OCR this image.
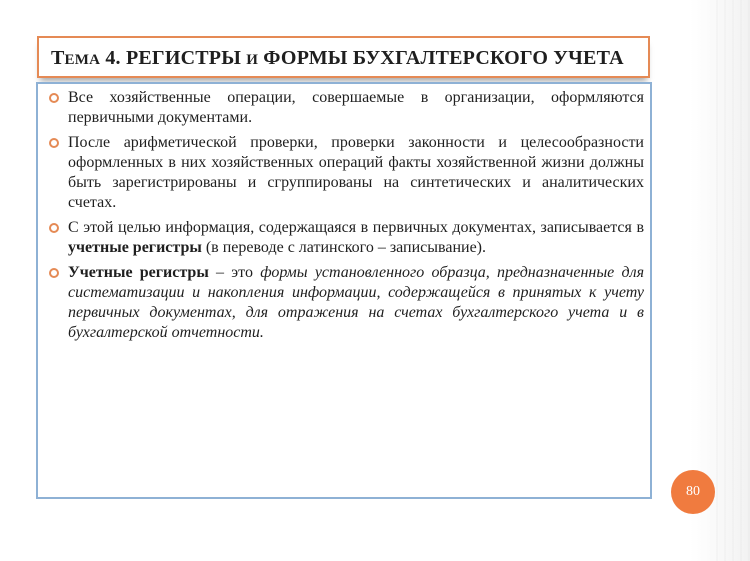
ТЕМА 4. РЕГИСТРЫ И ФОРМЫ БУХГАЛТЕРСКОГО УЧЕТА
Все хозяйственные операции, совершаемые в организации, оформляются первичными документами.
После арифметической проверки, проверки законности и целесообразности оформленных в них хозяйственных операций факты хозяйственной жизни должны быть зарегистрированы и сгруппированы на синтетических и аналитических счетах.
С этой целью информация, содержащаяся в первичных документах, записывается в учетные регистры (в переводе с латинского – записывание).
Учетные регистры – это формы установленного образца, предназначенные для систематизации и накопления информации, содержащейся в принятых к учету первичных документах, для отражения на счетах бухгалтерского учета и в бухгалтерской отчетности.
80
